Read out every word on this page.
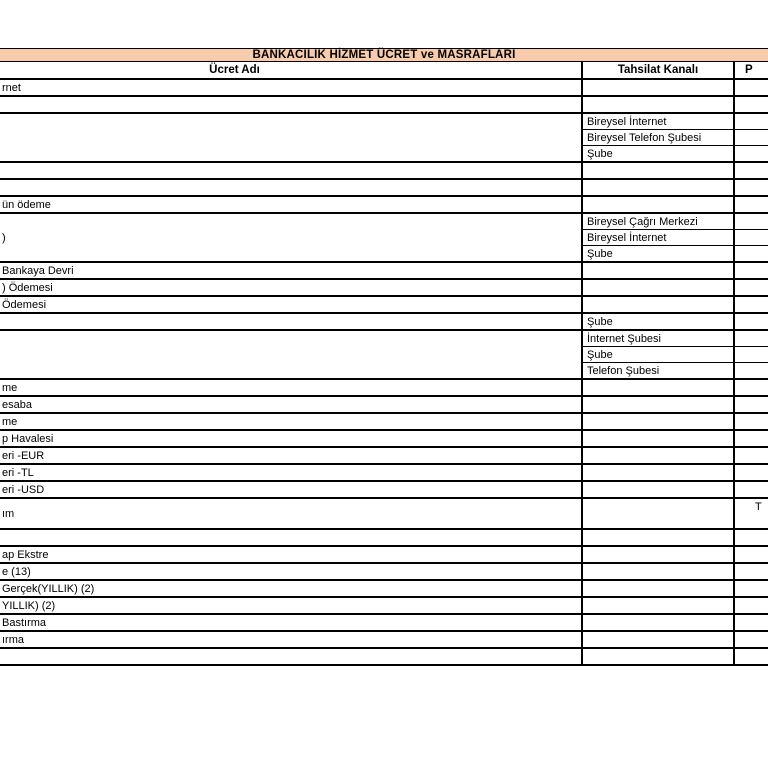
BANKACILIK HİZMET ÜCRET ve MASRAFLARI
Ücret Adı	Tahsilat Kanalı	P
rnet
Bireysel İnternet
Bireysel Telefon Şubesi
Şube
ün ödeme
)
Bireysel Çağrı Merkezi
Bireysel İnternet
Şube
Bankaya Devri
) Ödemesi
Ödemesi
Şube
İnternet Şubesi
Şube
Telefon Şubesi
me
esaba
me
p Havalesi
eri -EUR
eri -TL
eri -USD
ım
T
ap Ekstre
e (13)
Gerçek(YILLIK) (2)
YILLIK) (2)
Bastırma
ırma
